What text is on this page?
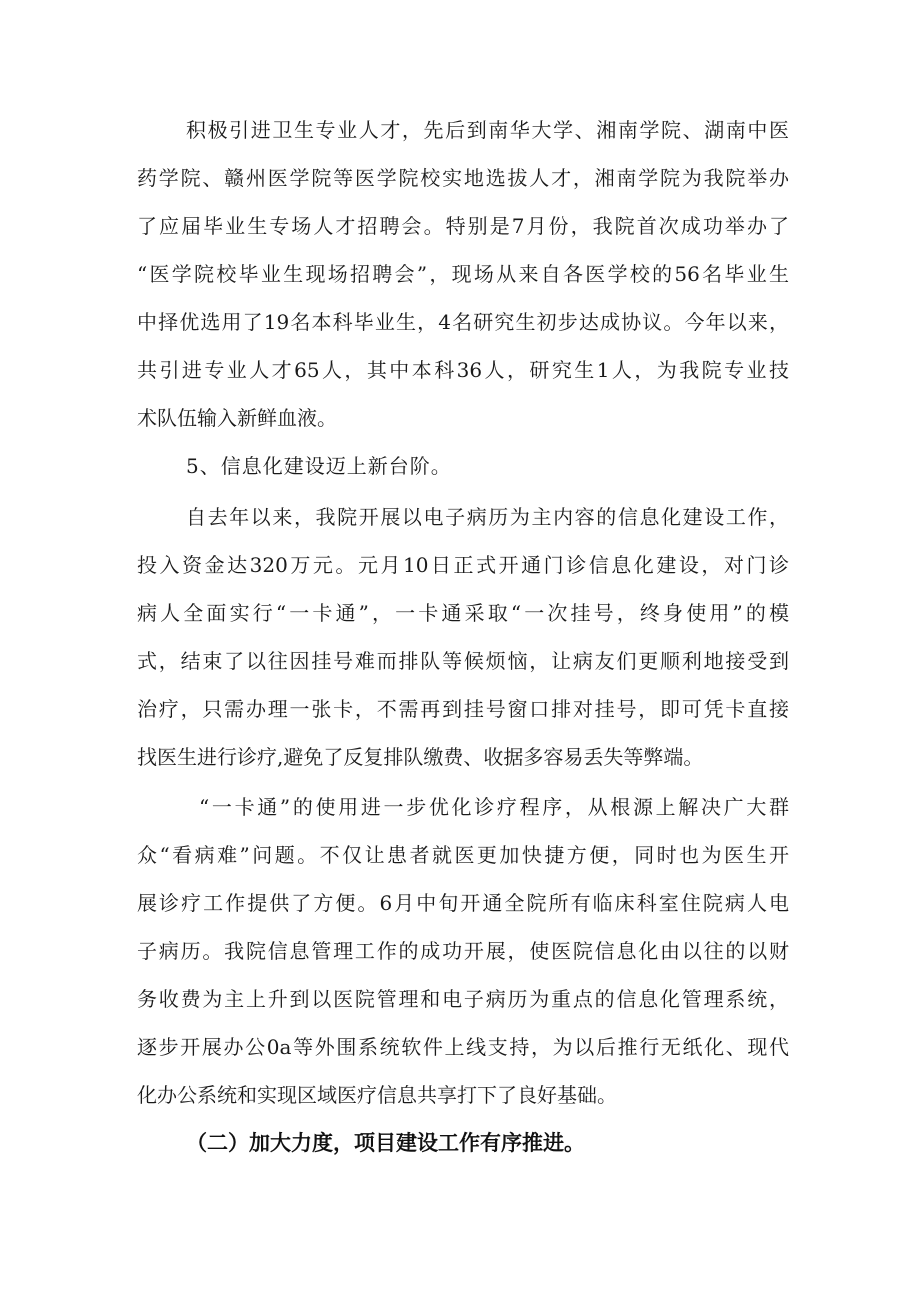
积极引进卫生专业人才，先后到南华大学、湘南学院、湖南中医
药学院、赣州医学院等医学院校实地选拔人才，湘南学院为我院举办
了应届毕业生专场人才招聘会。特别是7月份，我院首次成功举办了
“医学院校毕业生现场招聘会”，现场从来自各医学校的56名毕业生
中择优选用了19名本科毕业生，4名研究生初步达成协议。今年以来，
共引进专业人才65人，其中本科36人，研究生1人，为我院专业技
术队伍输入新鲜血液。
5、信息化建设迈上新台阶。
自去年以来，我院开展以电子病历为主内容的信息化建设工作，
投入资金达320万元。元月10日正式开通门诊信息化建设，对门诊
病人全面实行“一卡通”，一卡通采取“一次挂号，终身使用”的模
式，结束了以往因挂号难而排队等候烦恼，让病友们更顺利地接受到
治疗，只需办理一张卡，不需再到挂号窗口排对挂号，即可凭卡直接
找医生进行诊疗,避免了反复排队缴费、收据多容易丢失等弊端。
“一卡通”的使用进一步优化诊疗程序，从根源上解决广大群
众“看病难”问题。不仅让患者就医更加快捷方便，同时也为医生开
展诊疗工作提供了方便。6月中旬开通全院所有临床科室住院病人电
子病历。我院信息管理工作的成功开展，使医院信息化由以往的以财
务收费为主上升到以医院管理和电子病历为重点的信息化管理系统，
逐步开展办公0a等外围系统软件上线支持，为以后推行无纸化、现代
化办公系统和实现区域医疗信息共享打下了良好基础。
（二）加大力度，项目建设工作有序推进。
